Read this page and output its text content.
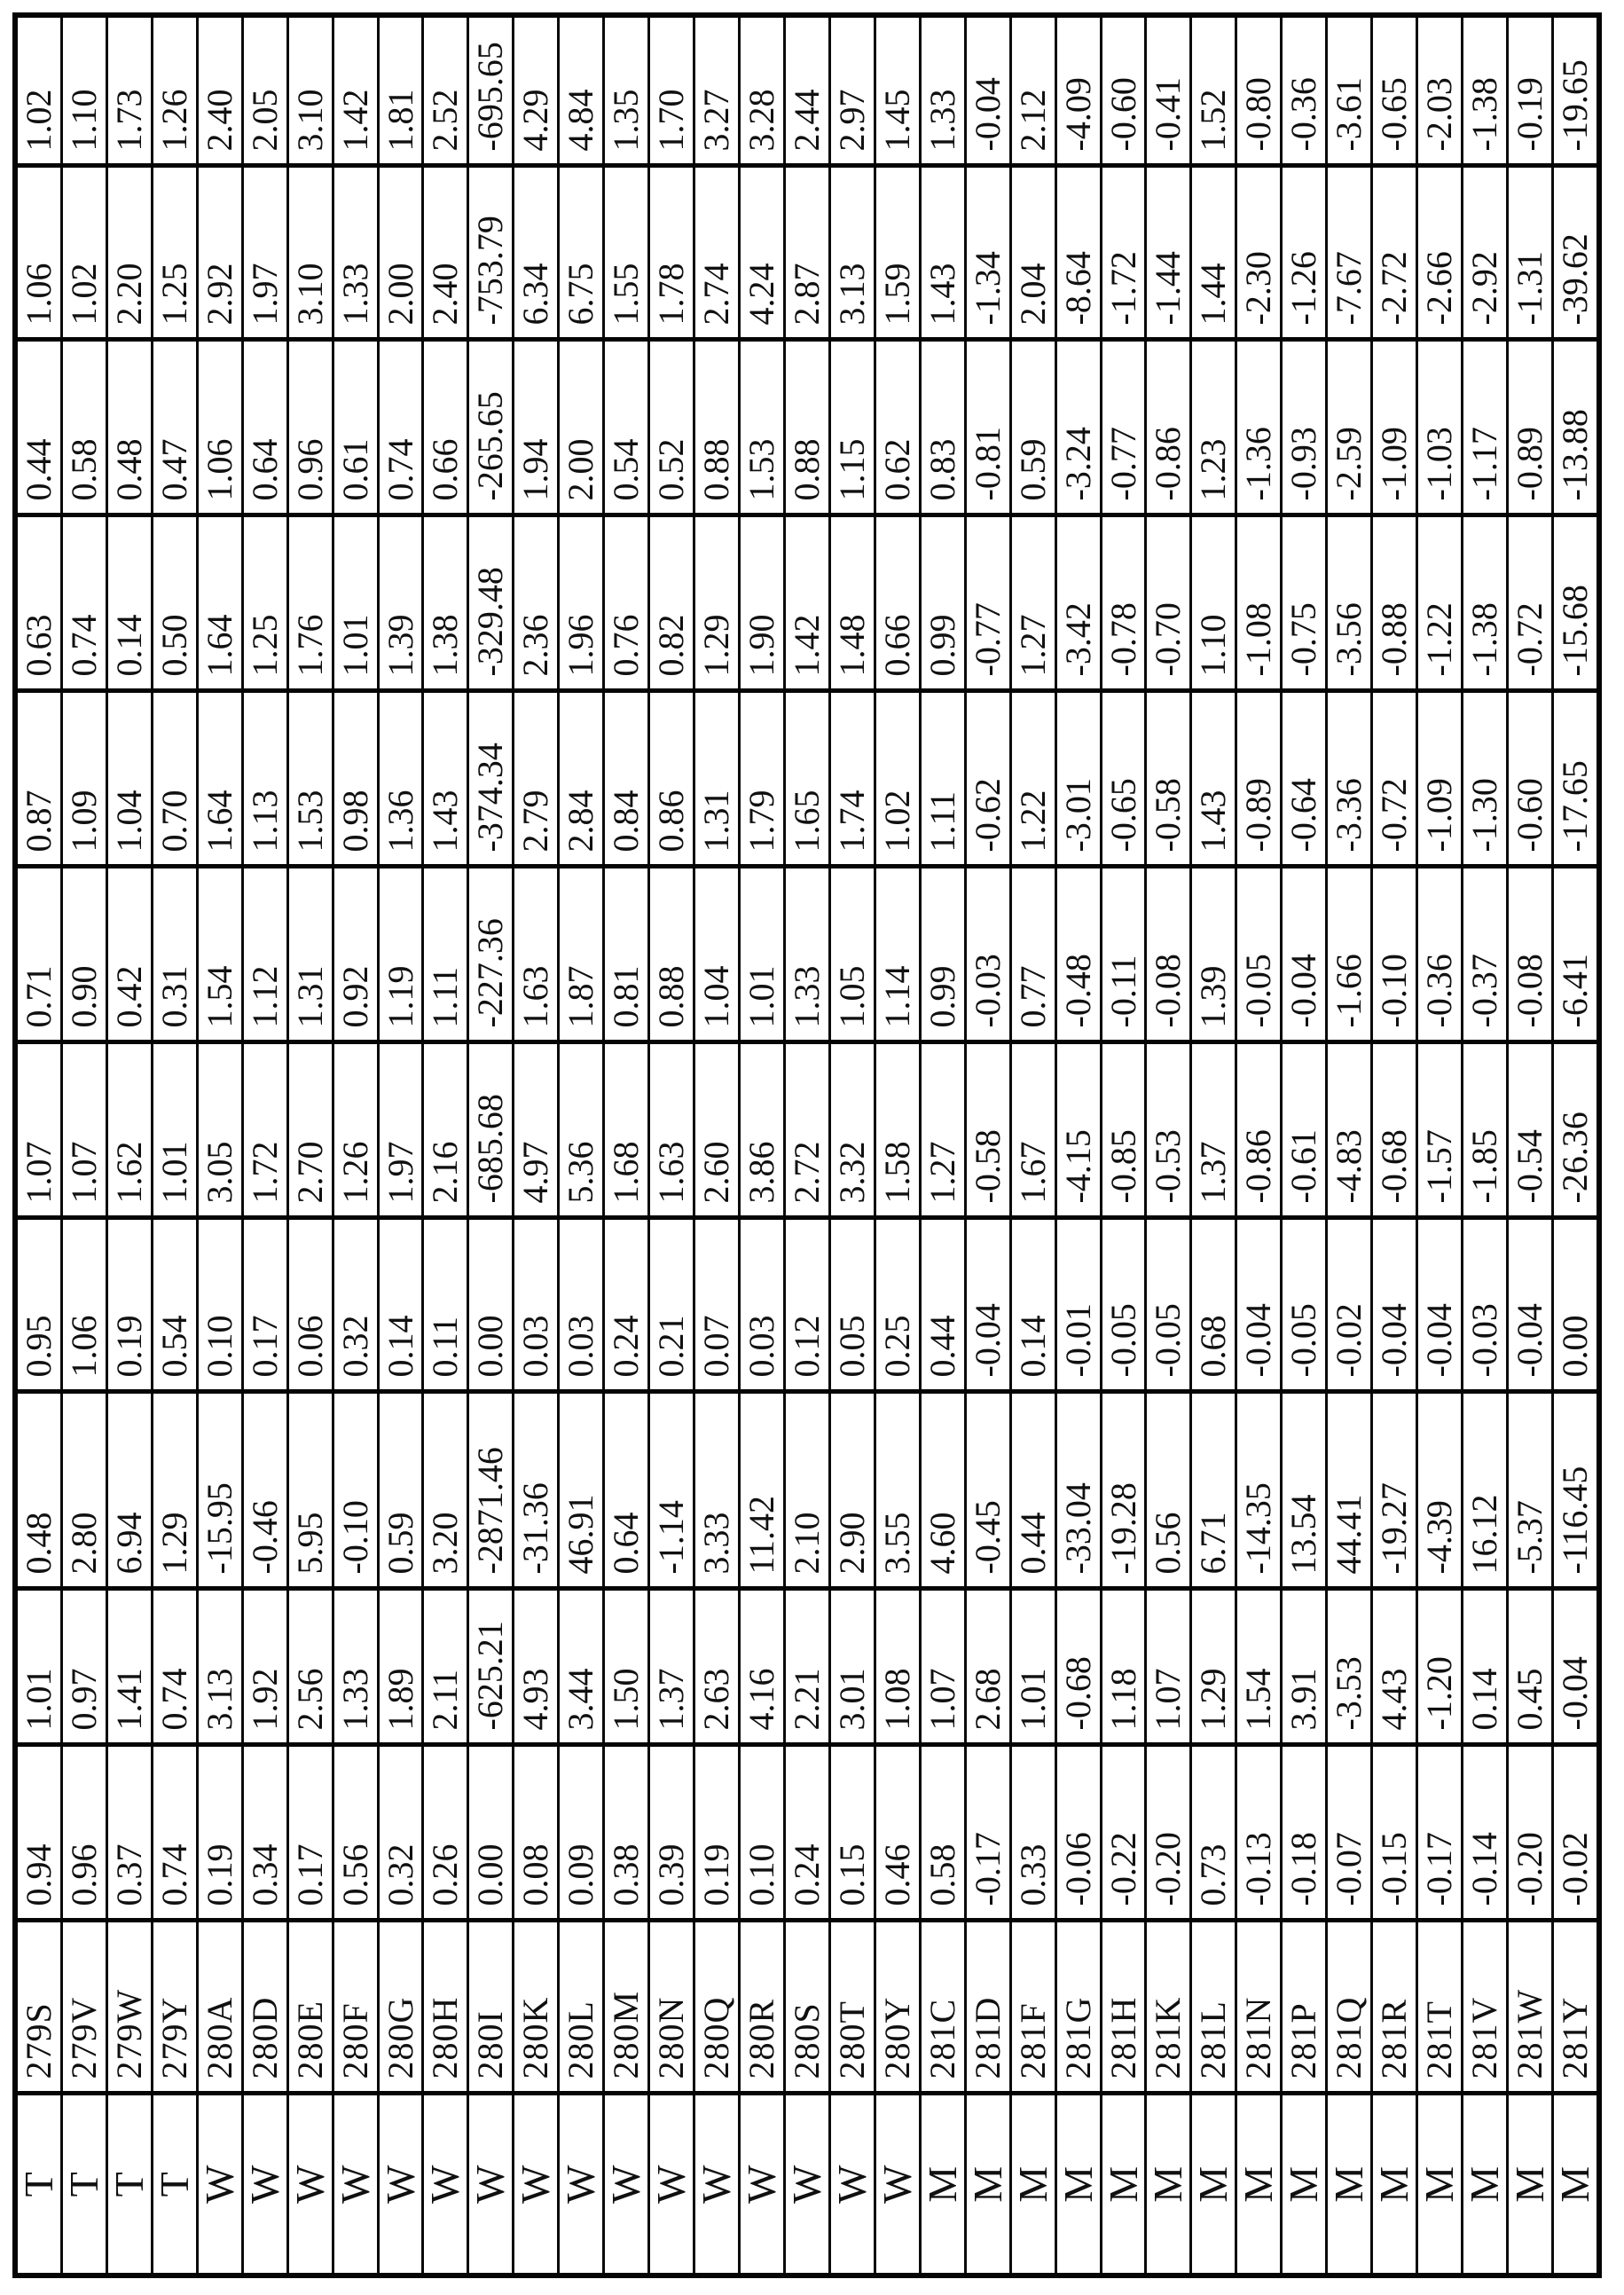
T	279S	0.94	1.01	0.48	0.95	1.07	0.71	0.87	0.63	0.44	1.06	1.02
T	279V	0.96	0.97	2.80	1.06	1.07	0.90	1.09	0.74	0.58	1.02	1.10
T	279W	0.37	1.41	6.94	0.19	1.62	0.42	1.04	0.14	0.48	2.20	1.73
T	279Y	0.74	0.74	1.29	0.54	1.01	0.31	0.70	0.50	0.47	1.25	1.26
W	280A	0.19	3.13	-15.95	0.10	3.05	1.54	1.64	1.64	1.06	2.92	2.40
W	280D	0.34	1.92	-0.46	0.17	1.72	1.12	1.13	1.25	0.64	1.97	2.05
W	280E	0.17	2.56	5.95	0.06	2.70	1.31	1.53	1.76	0.96	3.10	3.10
W	280F	0.56	1.33	-0.10	0.32	1.26	0.92	0.98	1.01	0.61	1.33	1.42
W	280G	0.32	1.89	0.59	0.14	1.97	1.19	1.36	1.39	0.74	2.00	1.81
W	280H	0.26	2.11	3.20	0.11	2.16	1.11	1.43	1.38	0.66	2.40	2.52
W	280I	0.00	-625.21	-2871.46	0.00	-685.68	-227.36	-374.34	-329.48	-265.65	-753.79	-695.65
W	280K	0.08	4.93	-31.36	0.03	4.97	1.63	2.79	2.36	1.94	6.34	4.29
W	280L	0.09	3.44	46.91	0.03	5.36	1.87	2.84	1.96	2.00	6.75	4.84
W	280M	0.38	1.50	0.64	0.24	1.68	0.81	0.84	0.76	0.54	1.55	1.35
W	280N	0.39	1.37	-1.14	0.21	1.63	0.88	0.86	0.82	0.52	1.78	1.70
W	280Q	0.19	2.63	3.33	0.07	2.60	1.04	1.31	1.29	0.88	2.74	3.27
W	280R	0.10	4.16	11.42	0.03	3.86	1.01	1.79	1.90	1.53	4.24	3.28
W	280S	0.24	2.21	2.10	0.12	2.72	1.33	1.65	1.42	0.88	2.87	2.44
W	280T	0.15	3.01	2.90	0.05	3.32	1.05	1.74	1.48	1.15	3.13	2.97
W	280Y	0.46	1.08	3.55	0.25	1.58	1.14	1.02	0.66	0.62	1.59	1.45
M	281C	0.58	1.07	4.60	0.44	1.27	0.99	1.11	0.99	0.83	1.43	1.33
M	281D	-0.17	2.68	-0.45	-0.04	-0.58	-0.03	-0.62	-0.77	-0.81	-1.34	-0.04
M	281F	0.33	1.01	0.44	0.14	1.67	0.77	1.22	1.27	0.59	2.04	2.12
M	281G	-0.06	-0.68	-33.04	-0.01	-4.15	-0.48	-3.01	-3.42	-3.24	-8.64	-4.09
M	281H	-0.22	1.18	-19.28	-0.05	-0.85	-0.11	-0.65	-0.78	-0.77	-1.72	-0.60
M	281K	-0.20	1.07	0.56	-0.05	-0.53	-0.08	-0.58	-0.70	-0.86	-1.44	-0.41
M	281L	0.73	1.29	6.71	0.68	1.37	1.39	1.43	1.10	1.23	1.44	1.52
M	281N	-0.13	1.54	-14.35	-0.04	-0.86	-0.05	-0.89	-1.08	-1.36	-2.30	-0.80
M	281P	-0.18	3.91	13.54	-0.05	-0.61	-0.04	-0.64	-0.75	-0.93	-1.26	-0.36
M	281Q	-0.07	-3.53	44.41	-0.02	-4.83	-1.66	-3.36	-3.56	-2.59	-7.67	-3.61
M	281R	-0.15	4.43	-19.27	-0.04	-0.68	-0.10	-0.72	-0.88	-1.09	-2.72	-0.65
M	281T	-0.17	-1.20	-4.39	-0.04	-1.57	-0.36	-1.09	-1.22	-1.03	-2.66	-2.03
M	281V	-0.14	0.14	16.12	-0.03	-1.85	-0.37	-1.30	-1.38	-1.17	-2.92	-1.38
M	281W	-0.20	0.45	-5.37	-0.04	-0.54	-0.08	-0.60	-0.72	-0.89	-1.31	-0.19
M	281Y	-0.02	-0.04	-116.45	0.00	-26.36	-6.41	-17.65	-15.68	-13.88	-39.62	-19.65
